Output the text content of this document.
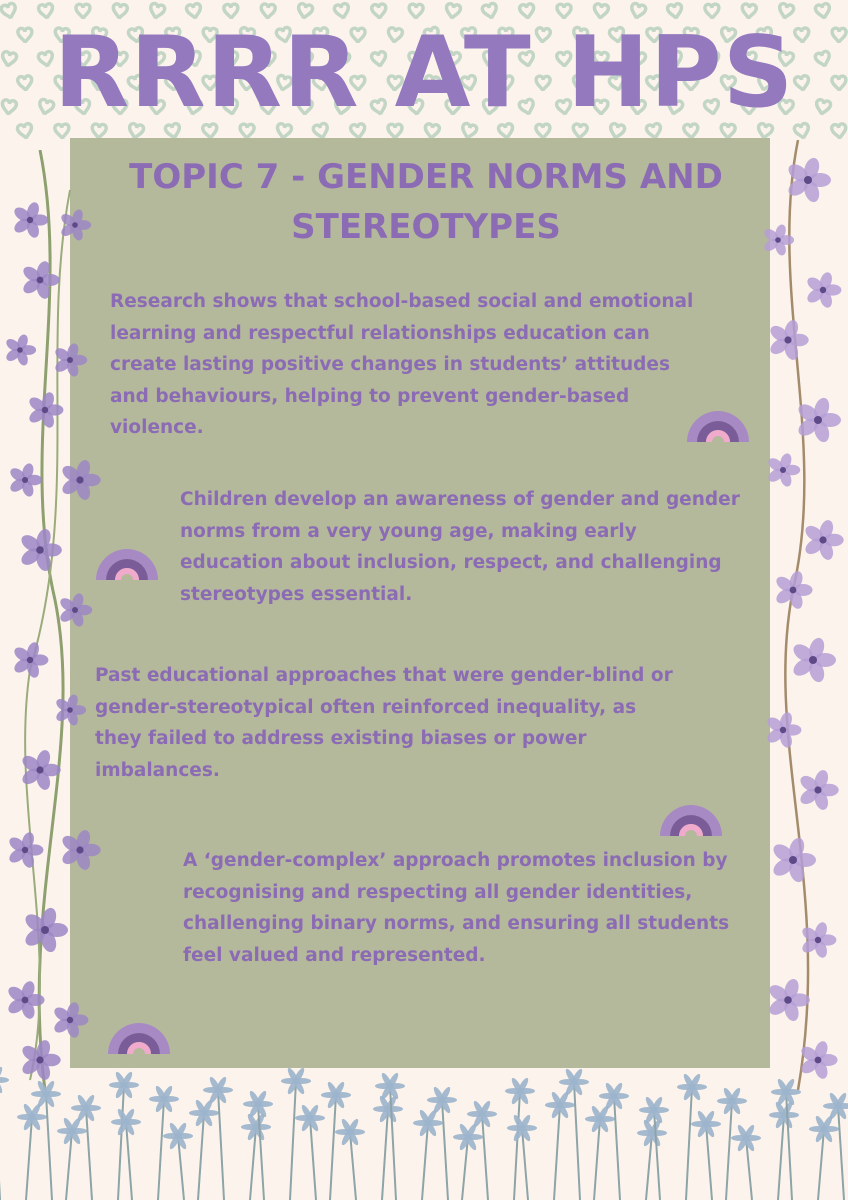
RRRR AT HPS
TOPIC 7 - GENDER NORMS AND STEREOTYPES

Research shows that school-based social and emotional learning and respectful relationships education can create lasting positive changes in students’ attitudes and behaviours, helping to prevent gender-based violence.

Children develop an awareness of gender and gender norms from a very young age, making early education about inclusion, respect, and challenging stereotypes essential.

Past educational approaches that were gender-blind or gender-stereotypical often reinforced inequality, as they failed to address existing biases or power imbalances.

A ‘gender-complex’ approach promotes inclusion by recognising and respecting all gender identities, challenging binary norms, and ensuring all students feel valued and represented.
